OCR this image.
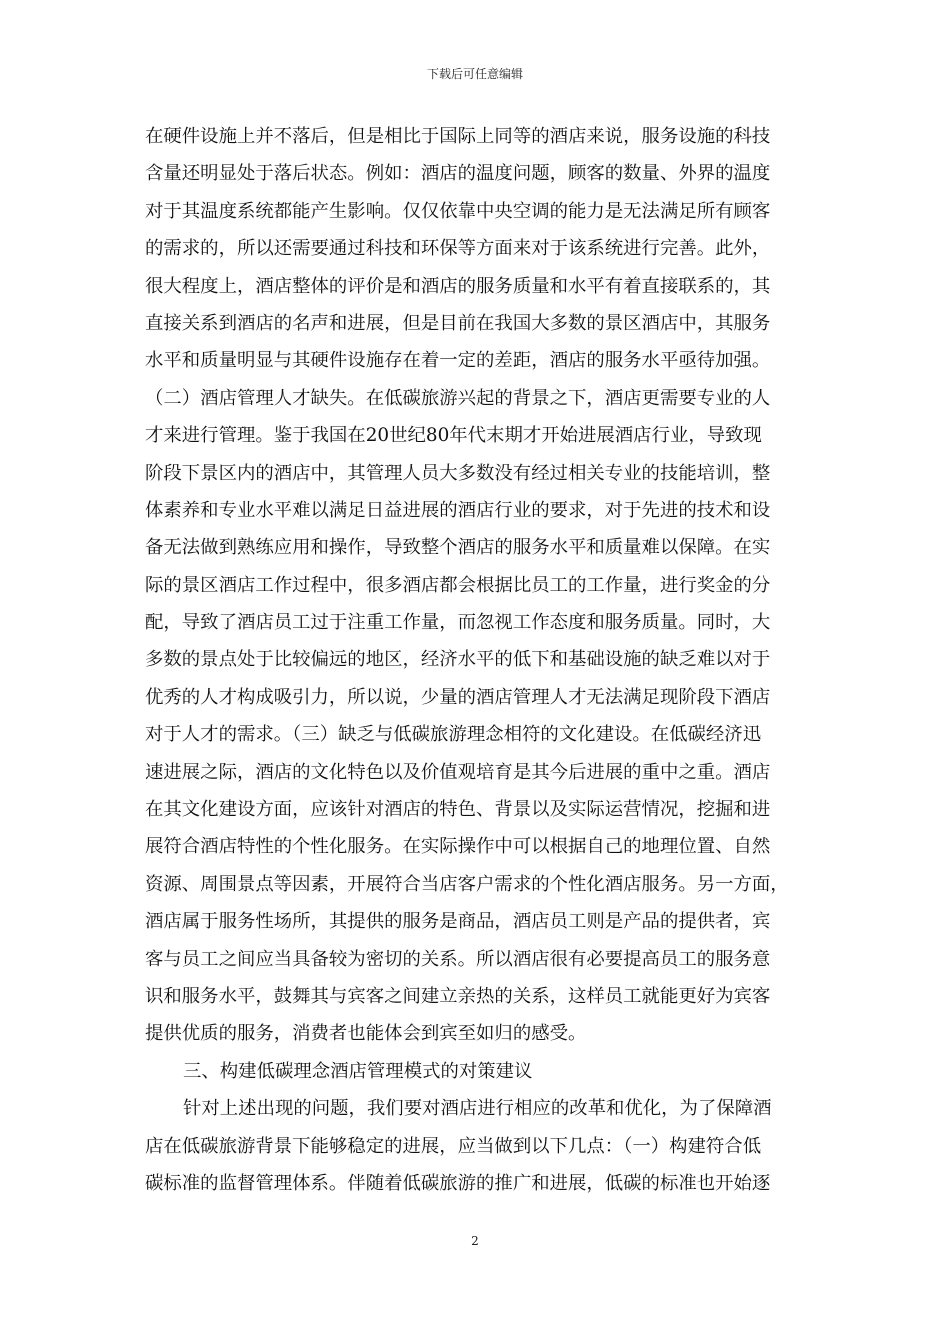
下载后可任意编辑
在硬件设施上并不落后，但是相比于国际上同等的酒店来说，服务设施的科技
含量还明显处于落后状态。例如：酒店的温度问题，顾客的数量、外界的温度
对于其温度系统都能产生影响。仅仅依靠中央空调的能力是无法满足所有顾客
的需求的，所以还需要通过科技和环保等方面来对于该系统进行完善。此外，
很大程度上，酒店整体的评价是和酒店的服务质量和水平有着直接联系的，其
直接关系到酒店的名声和进展，但是目前在我国大多数的景区酒店中，其服务
水平和质量明显与其硬件设施存在着一定的差距，酒店的服务水平亟待加强。
（二）酒店管理人才缺失。在低碳旅游兴起的背景之下，酒店更需要专业的人
才来进行管理。鉴于我国在20世纪80年代末期才开始进展酒店行业，导致现
阶段下景区内的酒店中，其管理人员大多数没有经过相关专业的技能培训，整
体素养和专业水平难以满足日益进展的酒店行业的要求，对于先进的技术和设
备无法做到熟练应用和操作，导致整个酒店的服务水平和质量难以保障。在实
际的景区酒店工作过程中，很多酒店都会根据比员工的工作量，进行奖金的分
配，导致了酒店员工过于注重工作量，而忽视工作态度和服务质量。同时，大
多数的景点处于比较偏远的地区，经济水平的低下和基础设施的缺乏难以对于
优秀的人才构成吸引力，所以说，少量的酒店管理人才无法满足现阶段下酒店
对于人才的需求。（三）缺乏与低碳旅游理念相符的文化建设。在低碳经济迅
速进展之际，酒店的文化特色以及价值观培育是其今后进展的重中之重。酒店
在其文化建设方面，应该针对酒店的特色、背景以及实际运营情况，挖掘和进
展符合酒店特性的个性化服务。在实际操作中可以根据自己的地理位置、自然
资源、周围景点等因素，开展符合当店客户需求的个性化酒店服务。另一方面，
酒店属于服务性场所，其提供的服务是商品，酒店员工则是产品的提供者，宾
客与员工之间应当具备较为密切的关系。所以酒店很有必要提高员工的服务意
识和服务水平，鼓舞其与宾客之间建立亲热的关系，这样员工就能更好为宾客
提供优质的服务，消费者也能体会到宾至如归的感受。
三、构建低碳理念酒店管理模式的对策建议
针对上述出现的问题，我们要对酒店进行相应的改革和优化，为了保障酒
店在低碳旅游背景下能够稳定的进展，应当做到以下几点：（一）构建符合低
碳标准的监督管理体系。伴随着低碳旅游的推广和进展，低碳的标准也开始逐
2
